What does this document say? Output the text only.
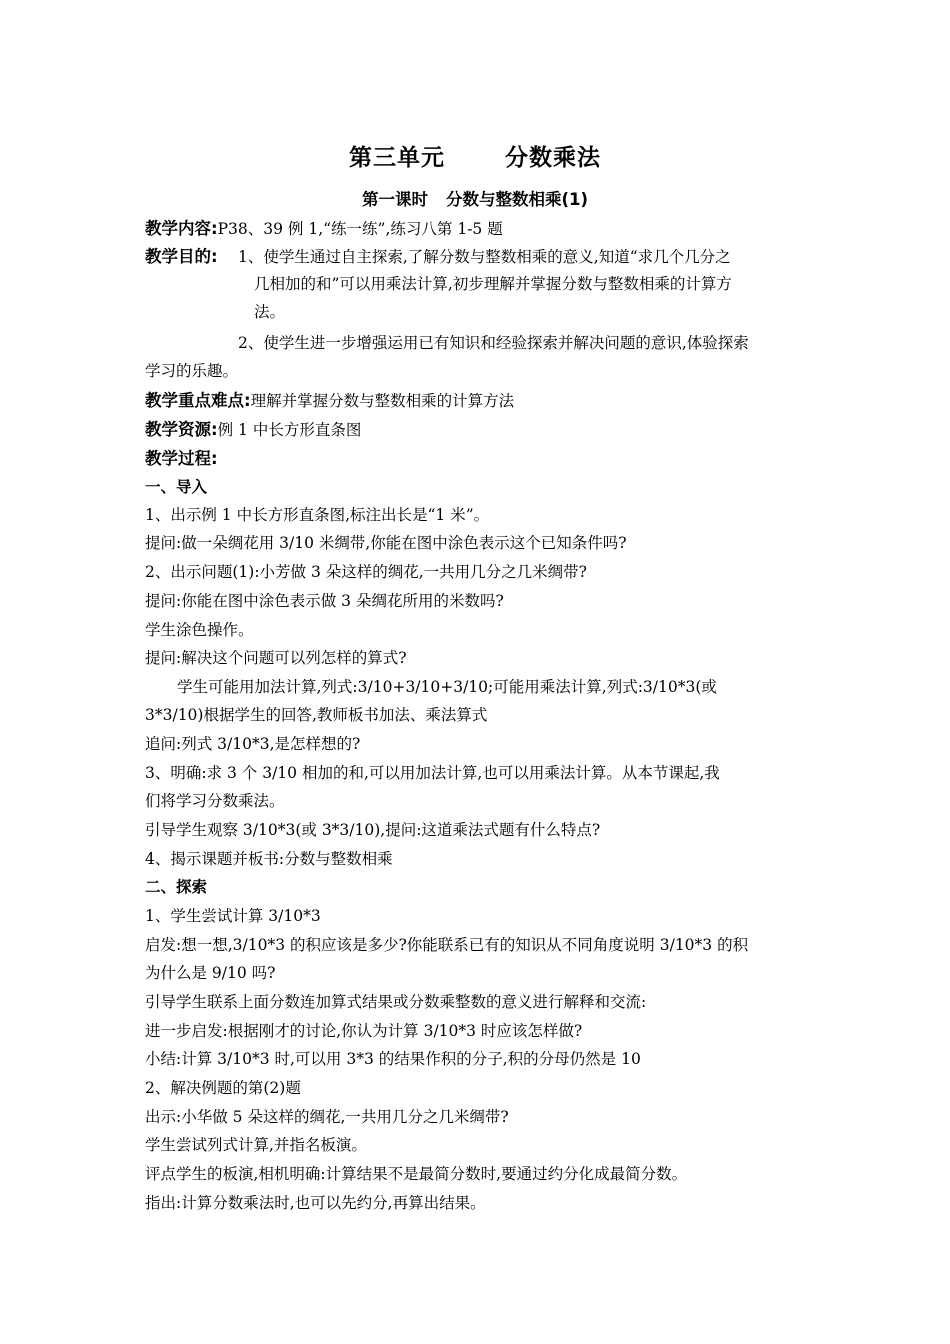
第三单元	分数乘法
第一课时 分数与整数相乘(1)
教学内容:P38、39 例 1,“练一练”,练习八第 1-5 题
教学目的: 1、使学生通过自主探索,了解分数与整数相乘的意义,知道“求几个几分之
几相加的和”可以用乘法计算,初步理解并掌握分数与整数相乘的计算方
法。
2、使学生进一步增强运用已有知识和经验探索并解决问题的意识,体验探索
学习的乐趣。
教学重点难点:理解并掌握分数与整数相乘的计算方法
教学资源:例 1 中长方形直条图
教学过程:
一、导入
1、出示例 1 中长方形直条图,标注出长是“1 米”。
提问:做一朵绸花用 3/10 米绸带,你能在图中涂色表示这个已知条件吗?
2、出示问题(1):小芳做 3 朵这样的绸花,一共用几分之几米绸带?
提问:你能在图中涂色表示做 3 朵绸花所用的米数吗?
学生涂色操作。
提问:解决这个问题可以列怎样的算式?
学生可能用加法计算,列式:3/10+3/10+3/10;可能用乘法计算,列式:3/10*3(或
3*3/10)根据学生的回答,教师板书加法、乘法算式
追问:列式 3/10*3,是怎样想的?
3、明确:求 3 个 3/10 相加的和,可以用加法计算,也可以用乘法计算。从本节课起,我
们将学习分数乘法。
引导学生观察 3/10*3(或 3*3/10),提问:这道乘法式题有什么特点?
4、揭示课题并板书:分数与整数相乘
二、探索
1、学生尝试计算 3/10*3
启发:想一想,3/10*3 的积应该是多少?你能联系已有的知识从不同角度说明 3/10*3 的积
为什么是 9/10 吗?
引导学生联系上面分数连加算式结果或分数乘整数的意义进行解释和交流:
进一步启发:根据刚才的讨论,你认为计算 3/10*3 时应该怎样做?
小结:计算 3/10*3 时,可以用 3*3 的结果作积的分子,积的分母仍然是 10
2、解决例题的第(2)题
出示:小华做 5 朵这样的绸花,一共用几分之几米绸带?
学生尝试列式计算,并指名板演。
评点学生的板演,相机明确:计算结果不是最简分数时,要通过约分化成最简分数。
指出:计算分数乘法时,也可以先约分,再算出结果。
